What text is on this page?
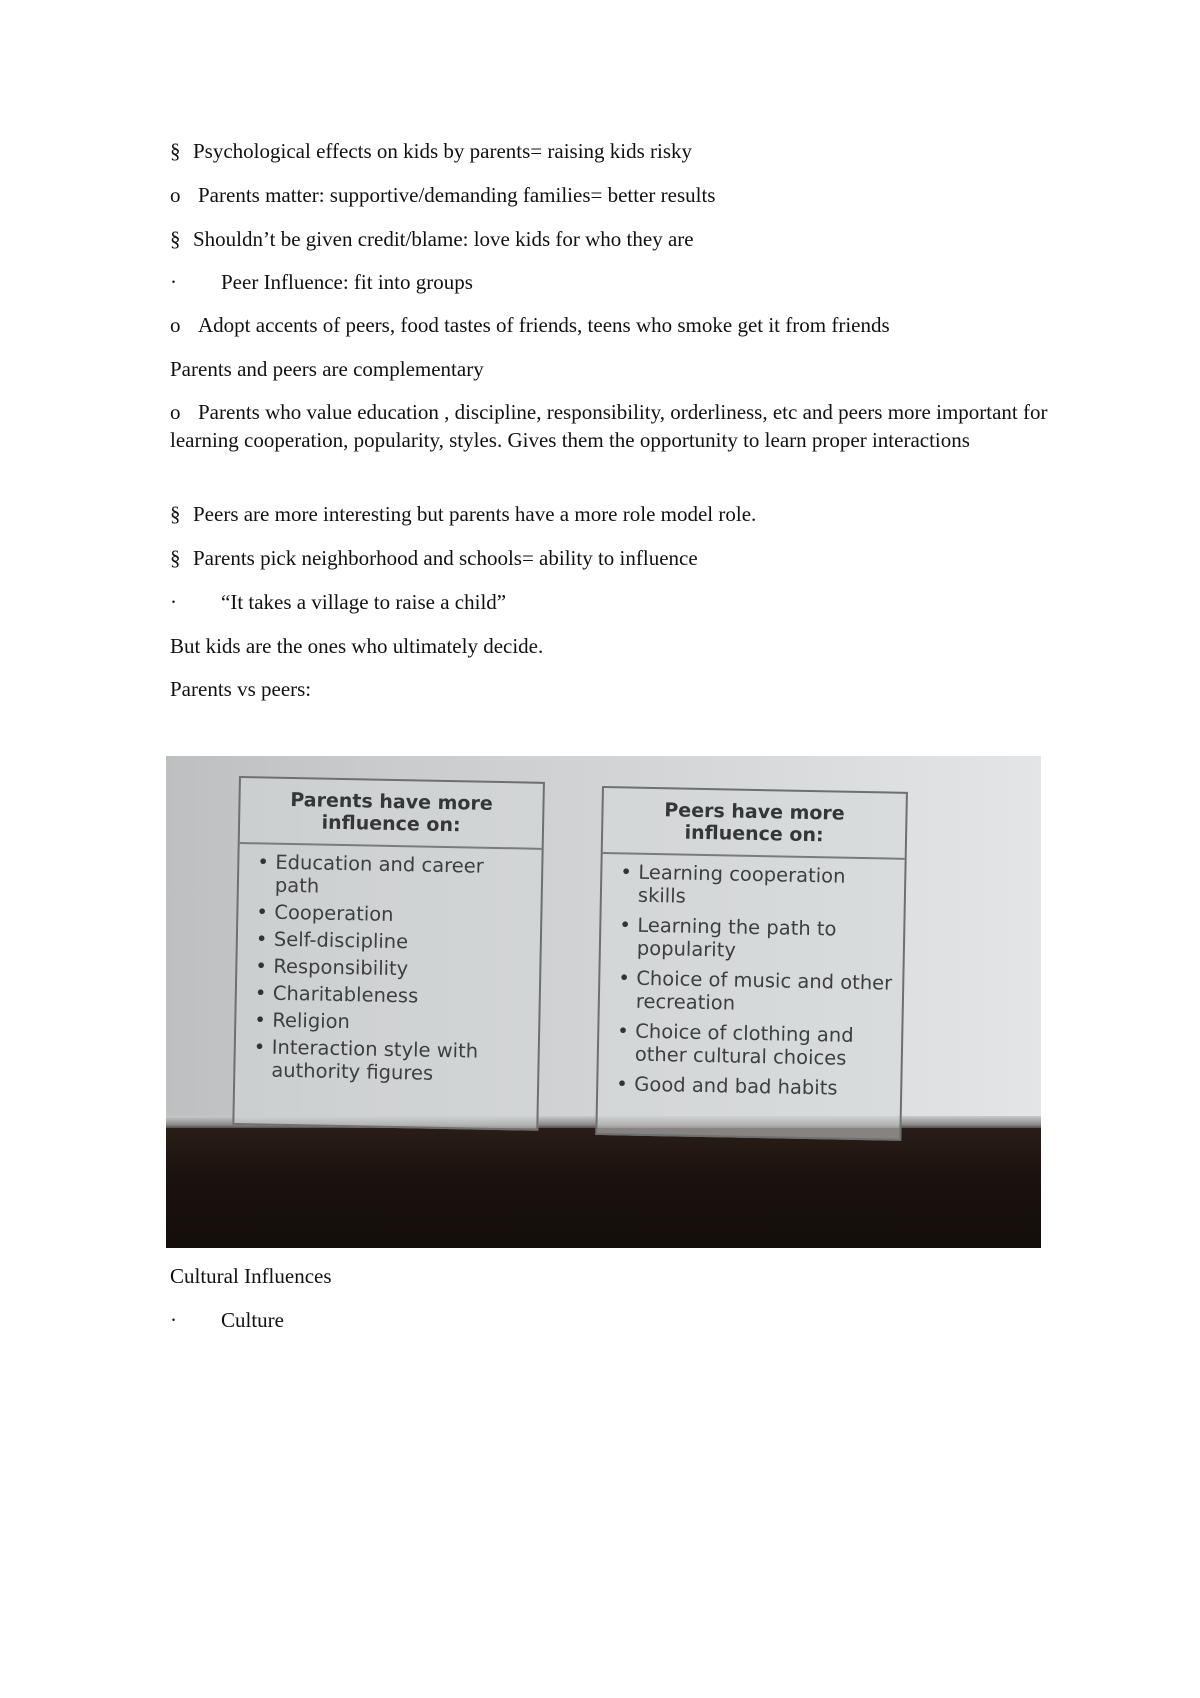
§ Psychological effects on kids by parents= raising kids risky
o Parents matter: supportive/demanding families= better results
§ Shouldn’t be given credit/blame: love kids for who they are
· Peer Influence: fit into groups
o Adopt accents of peers, food tastes of friends, teens who smoke get it from friends
Parents and peers are complementary
o Parents who value education , discipline, responsibility, orderliness, etc and peers more important for learning cooperation, popularity, styles. Gives them the opportunity to learn proper interactions
§ Peers are more interesting but parents have a more role model role.
§ Parents pick neighborhood and schools= ability to influence
· “It takes a village to raise a child”
But kids are the ones who ultimately decide.
Parents vs peers:
Parents have more influence on:
• Education and career path
• Cooperation
• Self-discipline
• Responsibility
• Charitableness
• Religion
• Interaction style with authority figures
Peers have more influence on:
• Learning cooperation skills
• Learning the path to popularity
• Choice of music and other recreation
• Choice of clothing and other cultural choices
• Good and bad habits
Cultural Influences
· Culture
